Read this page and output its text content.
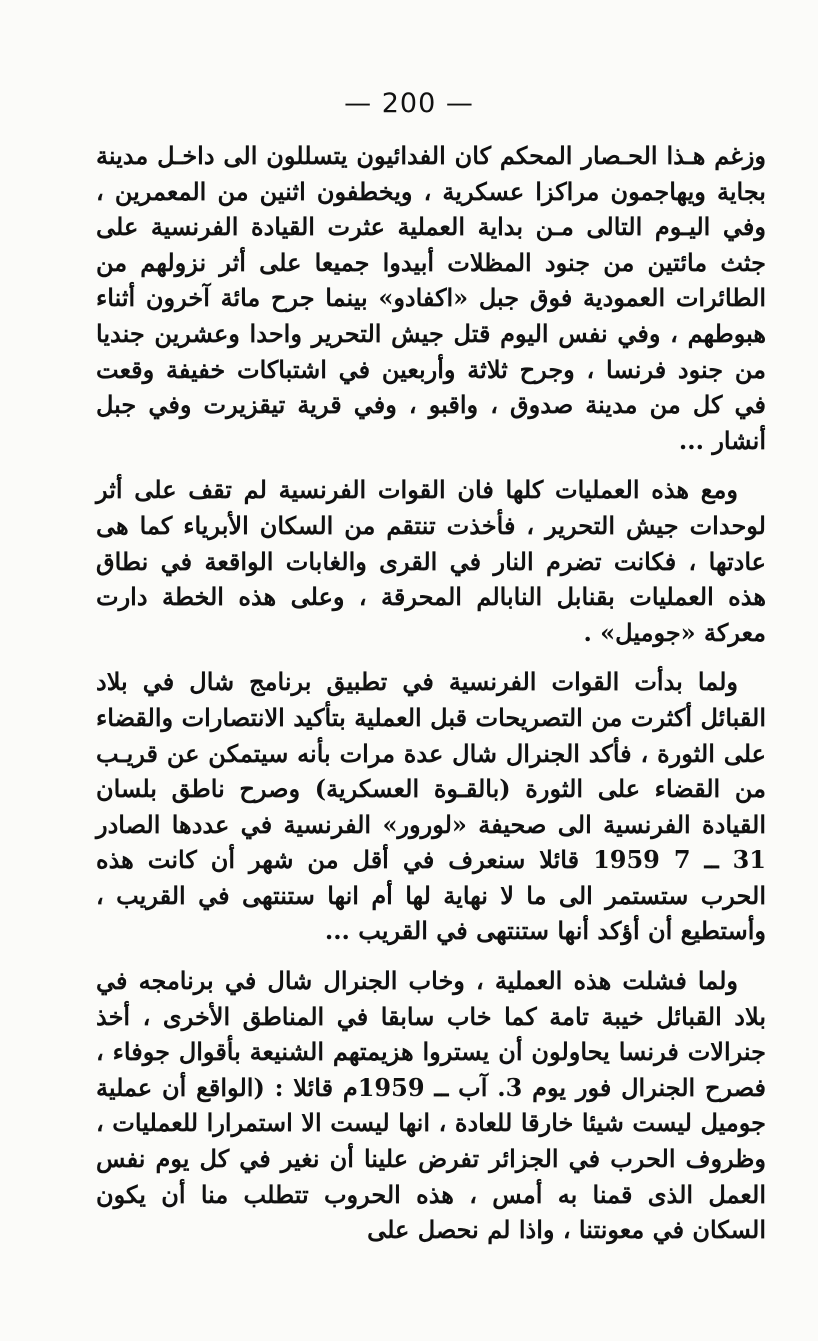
— 200 —

وزغم هـذا الحـصار المحكم كان الفدائيون يتسللون الى داخـل مدينة بجاية ويهاجمون مراكزا عسكرية ، ويخطفون اثنين من المعمرين ، وفي اليـوم التالى مـن بداية العملية عثرت القيادة الفرنسية على جثث مائتين من جنود المظلات أبيدوا جميعا على أثر نزولهم من الطائرات العمودية فوق جبل «اكفادو» بينما جرح مائة آخرون أثناء هبوطهم ، وفي نفس اليوم قتل جيش التحرير واحدا وعشرين جنديا من جنود فرنسا ، وجرح ثلاثة وأربعين في اشتباكات خفيفة وقعت في كل من مدينة صدوق ، واقبو ، وفي قرية تيقزيرت وفي جبل أنشار ...

ومع هذه العمليات كلها فان القوات الفرنسية لم تقف على أثر لوحدات جيش التحرير ، فأخذت تنتقم من السكان الأبرياء كما هى عادتها ، فكانت تضرم النار في القرى والغابات الواقعة في نطاق هذه العمليات بقنابل النابالم المحرقة ، وعلى هذه الخطة دارت معركة «جوميل» .

ولما بدأت القوات الفرنسية في تطبيق برنامج شال في بلاد القبائل أكثرت من التصريحات قبل العملية بتأكيد الانتصارات والقضاء على الثورة ، فأكد الجنرال شال عدة مرات بأنه سيتمكن عن قريـب من القضاء على الثورة (بالقـوة العسكرية) وصرح ناطق بلسان القيادة الفرنسية الى صحيفة «لورور» الفرنسية في عددها الصادر 31 ــ 7 1959 قائلا سنعرف في أقل من شهر أن كانت هذه الحرب ستستمر الى ما لا نهاية لها أم انها ستنتهى في القريب ، وأستطيع أن أؤكد أنها ستنتهى في القريب ...

ولما فشلت هذه العملية ، وخاب الجنرال شال في برنامجه في بلاد القبائل خيبة تامة كما خاب سابقا في المناطق الأخرى ، أخذ جنرالات فرنسا يحاولون أن يستروا هزيمتهم الشنيعة بأقوال جوفاء ، فصرح الجنرال فور يوم 3. آب ــ 1959م قائلا : (الواقع أن عملية جوميل ليست شيئا خارقا للعادة ، انها ليست الا استمرارا للعمليات ، وظروف الحرب في الجزائر تفرض علينا أن نغير في كل يوم نفس العمل الذى قمنا به أمس ، هذه الحروب تتطلب منا أن يكون السكان في معونتنا ، واذا لم نحصل على
